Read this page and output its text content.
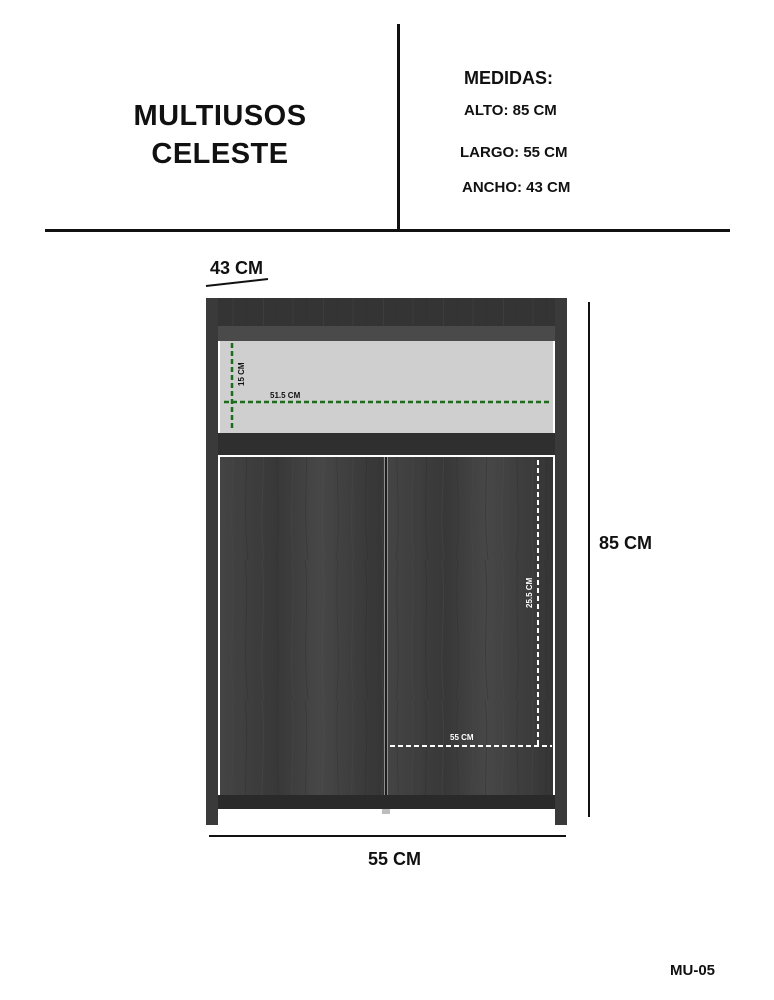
MULTIUSOS
CELESTE
MEDIDAS:
ALTO: 85 CM
LARGO: 55 CM
ANCHO: 43 CM
15 CM
51.5 CM
25.5 CM
55 CM
43 CM
85 CM
55 CM
MU-05
